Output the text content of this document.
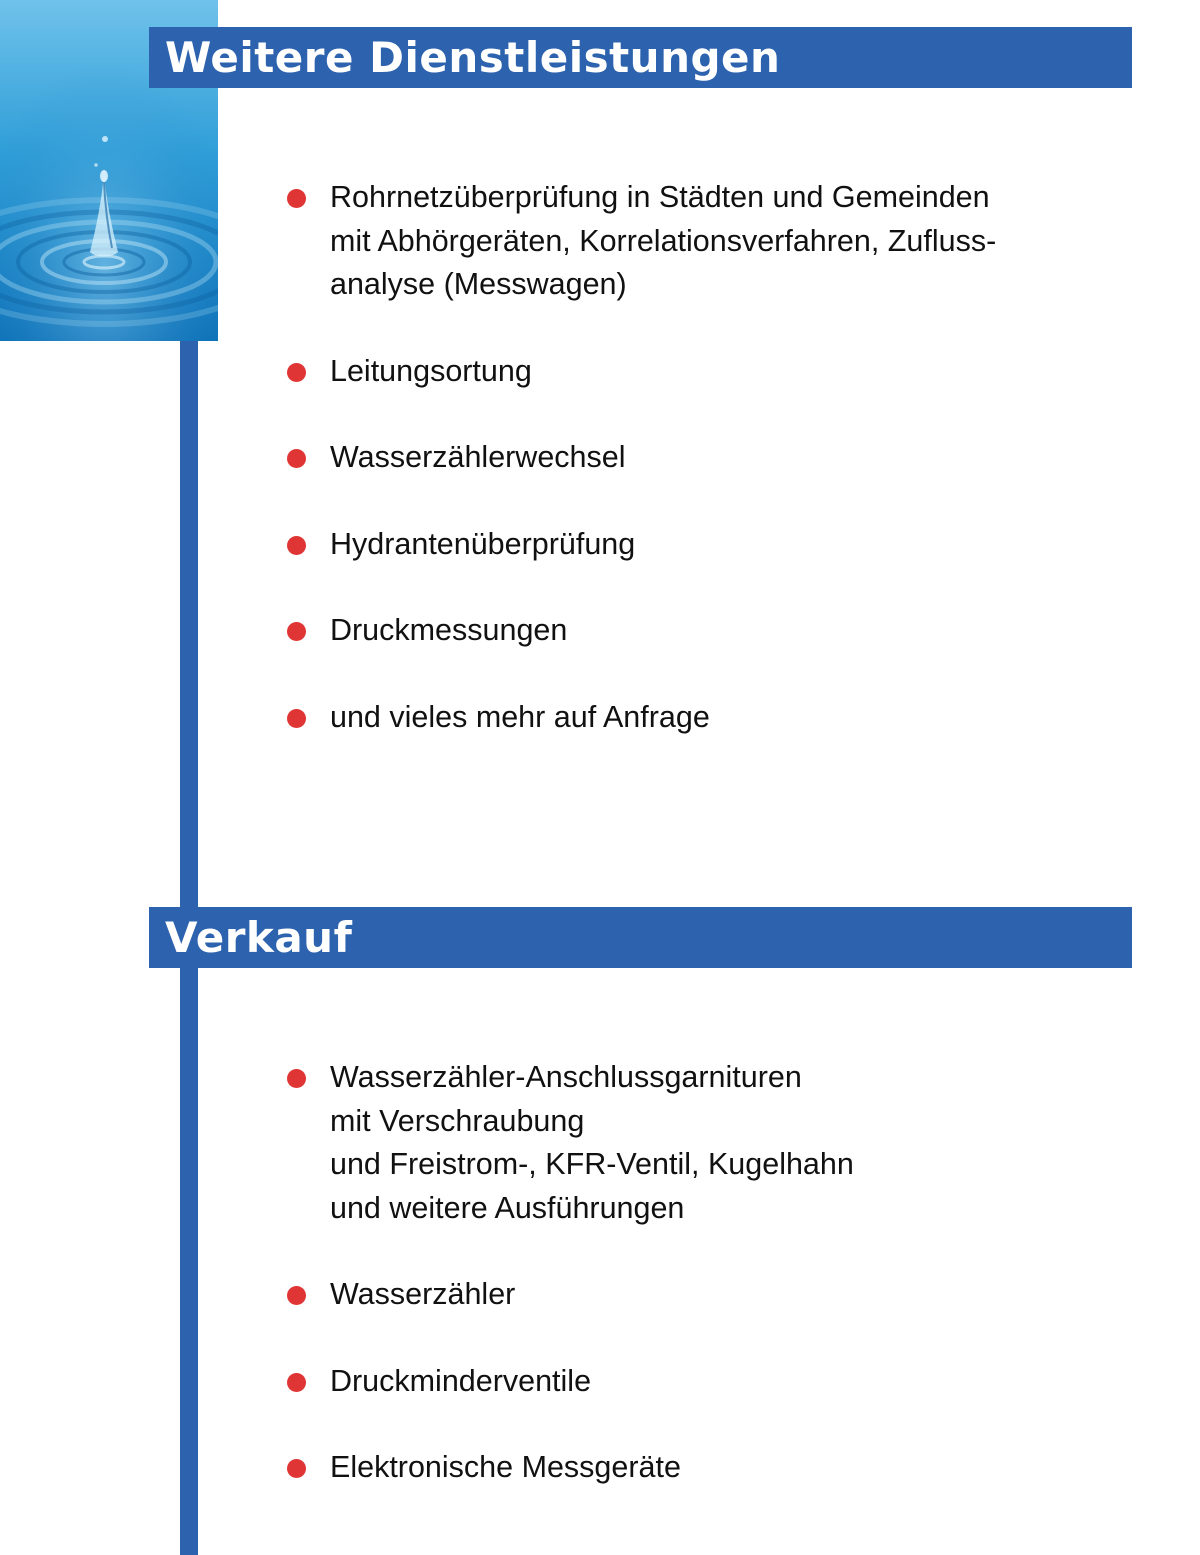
Weitere Dienstleistungen
Rohrnetzüberprüfung in Städten und Gemeinden
mit Abhörgeräten, Korrelationsverfahren, Zufluss-
analyse (Messwagen)
Leitungsortung
Wasserzählerwechsel
Hydrantenüberprüfung
Druckmessungen
und vieles mehr auf Anfrage
Verkauf
Wasserzähler-Anschlussgarnituren
mit Verschraubung
und Freistrom-, KFR-Ventil, Kugelhahn
und weitere Ausführungen
Wasserzähler
Druckminderventile
Elektronische Messgeräte
